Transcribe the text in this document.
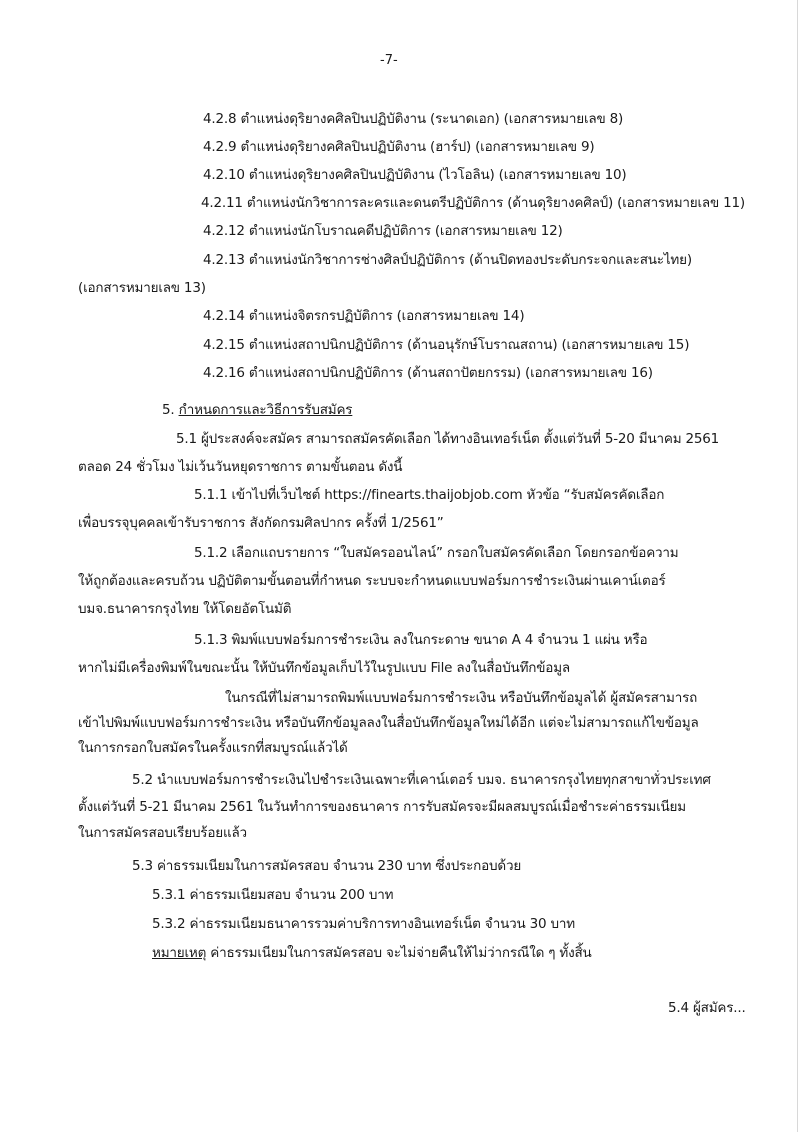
-7-
4.2.8 ตำแหน่งดุริยางคศิลปินปฏิบัติงาน (ระนาดเอก) (เอกสารหมายเลข 8)
4.2.9 ตำแหน่งดุริยางคศิลปินปฏิบัติงาน (ฮาร์ป) (เอกสารหมายเลข 9)
4.2.10 ตำแหน่งดุริยางคศิลปินปฏิบัติงาน (ไวโอลิน) (เอกสารหมายเลข 10)
4.2.11 ตำแหน่งนักวิชาการละครและดนตรีปฏิบัติการ (ด้านดุริยางคศิลป์) (เอกสารหมายเลข 11)
4.2.12 ตำแหน่งนักโบราณคดีปฏิบัติการ (เอกสารหมายเลข 12)
4.2.13 ตำแหน่งนักวิชาการช่างศิลป์ปฏิบัติการ (ด้านปิดทองประดับกระจกและสนะไทย)
(เอกสารหมายเลข 13)
4.2.14 ตำแหน่งจิตรกรปฏิบัติการ (เอกสารหมายเลข 14)
4.2.15 ตำแหน่งสถาปนิกปฏิบัติการ (ด้านอนุรักษ์โบราณสถาน) (เอกสารหมายเลข 15)
4.2.16 ตำแหน่งสถาปนิกปฏิบัติการ (ด้านสถาปัตยกรรม) (เอกสารหมายเลข 16)
5. กำหนดการและวิธีการรับสมัคร
5.1 ผู้ประสงค์จะสมัคร สามารถสมัครคัดเลือก ได้ทางอินเทอร์เน็ต ตั้งแต่วันที่ 5-20 มีนาคม 2561
ตลอด 24 ชั่วโมง ไม่เว้นวันหยุดราชการ ตามขั้นตอน ดังนี้
5.1.1 เข้าไปที่เว็บไซต์ https://finearts.thaijobjob.com หัวข้อ “รับสมัครคัดเลือก
เพื่อบรรจุบุคคลเข้ารับราชการ สังกัดกรมศิลปากร ครั้งที่ 1/2561”
5.1.2 เลือกแถบรายการ “ใบสมัครออนไลน์” กรอกใบสมัครคัดเลือก โดยกรอกข้อความ
ให้ถูกต้องและครบถ้วน ปฏิบัติตามขั้นตอนที่กำหนด ระบบจะกำหนดแบบฟอร์มการชำระเงินผ่านเคาน์เตอร์
บมจ.ธนาคารกรุงไทย ให้โดยอัตโนมัติ
5.1.3 พิมพ์แบบฟอร์มการชำระเงิน ลงในกระดาษ ขนาด A 4 จำนวน 1 แผ่น หรือ
หากไม่มีเครื่องพิมพ์ในขณะนั้น ให้บันทึกข้อมูลเก็บไว้ในรูปแบบ File ลงในสื่อบันทึกข้อมูล
ในกรณีที่ไม่สามารถพิมพ์แบบฟอร์มการชำระเงิน หรือบันทึกข้อมูลได้ ผู้สมัครสามารถ
เข้าไปพิมพ์แบบฟอร์มการชำระเงิน หรือบันทึกข้อมูลลงในสื่อบันทึกข้อมูลใหม่ได้อีก แต่จะไม่สามารถแก้ไขข้อมูล
ในการกรอกใบสมัครในครั้งแรกที่สมบูรณ์แล้วได้
5.2 นำแบบฟอร์มการชำระเงินไปชำระเงินเฉพาะที่เคาน์เตอร์ บมจ. ธนาคารกรุงไทยทุกสาขาทั่วประเทศ
ตั้งแต่วันที่ 5-21 มีนาคม 2561 ในวันทำการของธนาคาร การรับสมัครจะมีผลสมบูรณ์เมื่อชำระค่าธรรมเนียม
ในการสมัครสอบเรียบร้อยแล้ว
5.3 ค่าธรรมเนียมในการสมัครสอบ จำนวน 230 บาท ซึ่งประกอบด้วย
5.3.1 ค่าธรรมเนียมสอบ จำนวน 200 บาท
5.3.2 ค่าธรรมเนียมธนาคารรวมค่าบริการทางอินเทอร์เน็ต จำนวน 30 บาท
หมายเหตุ ค่าธรรมเนียมในการสมัครสอบ จะไม่จ่ายคืนให้ไม่ว่ากรณีใด ๆ ทั้งสิ้น
5.4 ผู้สมัคร...
